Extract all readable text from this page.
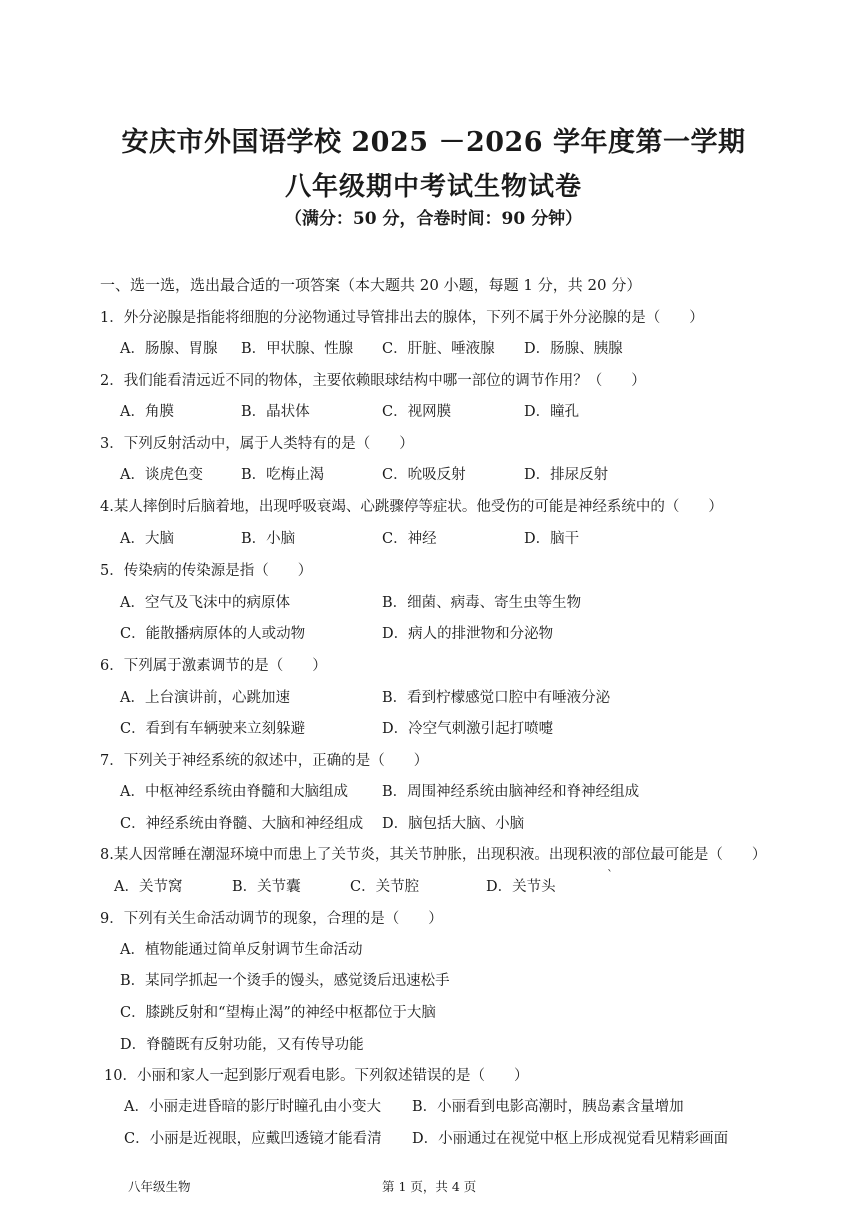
安庆市外国语学校 2025 －2026 学年度第一学期
八年级期中考试生物试卷
（满分：50 分，合卷时间：90 分钟）
一、选一选，选出最合适的一项答案（本大题共 20 小题，每题 1 分，共 20 分）
1．外分泌腺是指能将细胞的分泌物通过导管排出去的腺体，下列不属于外分泌腺的是（　　）
A．肠腺、胃腺 B．甲状腺、性腺 C．肝脏、唾液腺 D．肠腺、胰腺
2．我们能看清远近不同的物体，主要依赖眼球结构中哪一部位的调节作用？（　　）
A．角膜	B．晶状体	C．视网膜	D．瞳孔
3．下列反射活动中，属于人类特有的是（　　）
A．谈虎色变	B．吃梅止渴	C．吮吸反射	D．排尿反射
4.某人摔倒时后脑着地，出现呼吸衰竭、心跳骤停等症状。他受伤的可能是神经系统中的（　　）
A．大脑	B．小脑	C．神经	D．脑干
5．传染病的传染源是指（　　）
A．空气及飞沫中的病原体	B．细菌、病毒、寄生虫等生物
C．能散播病原体的人或动物	D．病人的排泄物和分泌物
6．下列属于激素调节的是（　　）
A．上台演讲前，心跳加速	B．看到柠檬感觉口腔中有唾液分泌
C．看到有车辆驶来立刻躲避	D．冷空气刺激引起打喷嚏
7．下列关于神经系统的叙述中，正确的是（　　）
A．中枢神经系统由脊髓和大脑组成 B．周围神经系统由脑神经和脊神经组成
C．神经系统由脊髓、大脑和神经组成 D．脑包括大脑、小脑
8.某人因常睡在潮湿环境中而患上了关节炎，其关节肿胀，出现积液。出现积液的部位最可能是（　　）
A．关节窝	B．关节囊	C．关节腔	D．关节头
ˋ
9．下列有关生命活动调节的现象，合理的是（　　）
A．植物能通过简单反射调节生命活动
B．某同学抓起一个烫手的馒头，感觉烫后迅速松手
C．膝跳反射和“望梅止渴”的神经中枢都位于大脑
D．脊髓既有反射功能，又有传导功能
10．小丽和家人一起到影厅观看电影。下列叙述错误的是（　　）
A．小丽走进昏暗的影厅时瞳孔由小变大 B．小丽看到电影高潮时，胰岛素含量增加
C．小丽是近视眼，应戴凹透镜才能看清 D．小丽通过在视觉中枢上形成视觉看见精彩画面
八年级生物	第 1 页，共 4 页
